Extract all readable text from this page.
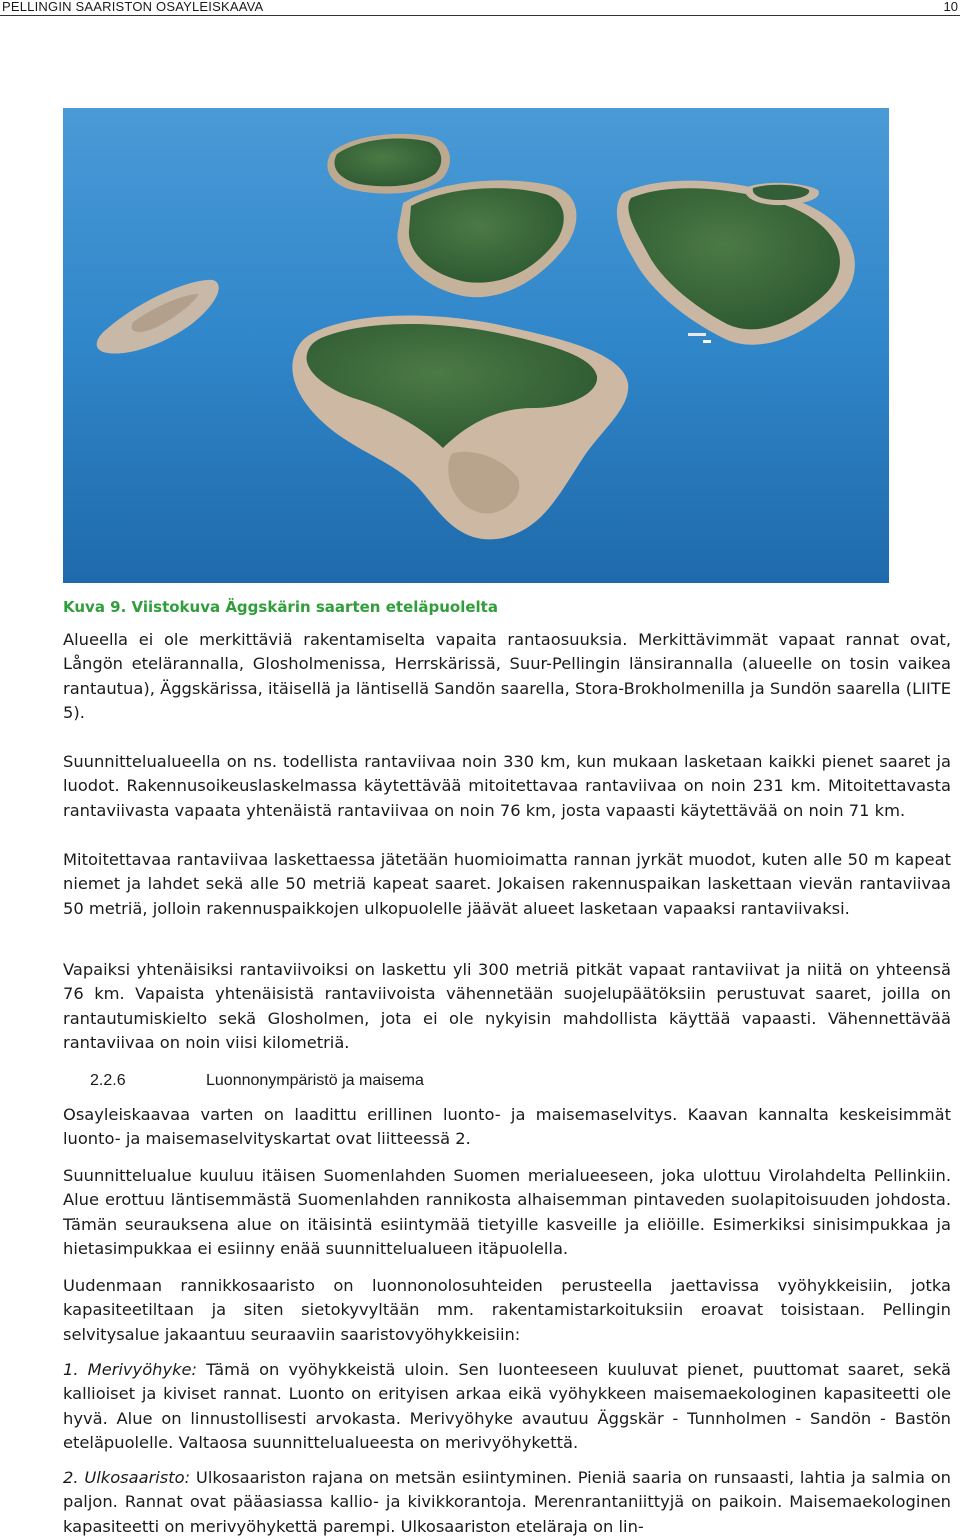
PELLINGIN SAARISTON OSAYLEISKAAVA	10
Kuva 9. Viistokuva Äggskärin saarten eteläpuolelta

Alueella ei ole merkittäviä rakentamiselta vapaita rantaosuuksia. Merkittävimmät vapaat rannat ovat, Långön etelärannalla, Glosholmenissa, Herrskärissä, Suur-Pellingin länsirannalla (alueelle on tosin vaikea rantautua), Äggskärissa, itäisellä ja läntisellä Sandön saarella, Stora-Brokholmenilla ja Sundön saarella (LIITE 5).

Suunnittelualueella on ns. todellista rantaviivaa noin 330 km, kun mukaan lasketaan kaikki pienet saaret ja luodot. Rakennusoikeuslaskelmassa käytettävää mitoitettavaa rantaviivaa on noin 231 km. Mitoitettavasta rantaviivasta vapaata yhtenäistä rantaviivaa on noin 76 km, josta vapaasti käytettävää on noin 71 km.

Mitoitettavaa rantaviivaa laskettaessa jätetään huomioimatta rannan jyrkät muodot, kuten alle 50 m kapeat niemet ja lahdet sekä alle 50 metriä kapeat saaret. Jokaisen rakennuspaikan laskettaan vievän rantaviivaa 50 metriä, jolloin rakennuspaikkojen ulkopuolelle jäävät alueet lasketaan vapaaksi rantaviivaksi.

Vapaiksi yhtenäisiksi rantaviivoiksi on laskettu yli 300 metriä pitkät vapaat rantaviivat ja niitä on yhteensä 76 km. Vapaista yhtenäisistä rantaviivoista vähennetään suojelupäätöksiin perustuvat saaret, joilla on rantautumiskielto sekä Glosholmen, jota ei ole nykyisin mahdollista käyttää vapaasti. Vähennettävää rantaviivaa on noin viisi kilometriä.

2.2.6	Luonnonympäristö ja maisema

Osayleiskaavaa varten on laadittu erillinen luonto- ja maisemaselvitys. Kaavan kannalta keskeisimmät luonto- ja maisemaselvityskartat ovat liitteessä 2.

Suunnittelualue kuuluu itäisen Suomenlahden Suomen merialueeseen, joka ulottuu Virolahdelta Pellinkiin. Alue erottuu läntisemmästä Suomenlahden rannikosta alhaisemman pintaveden suolapitoisuuden johdosta. Tämän seurauksena alue on itäisintä esiintymää tietyille kasveille ja eliöille. Esimerkiksi sinisimpukkaa ja hietasimpukkaa ei esiinny enää suunnittelualueen itäpuolella.

Uudenmaan rannikkosaaristo on luonnonolosuhteiden perusteella jaettavissa vyöhykkeisiin, jotka kapasiteetiltaan ja siten sietokyvyltään mm. rakentamistarkoituksiin eroavat toisistaan. Pellingin selvitysalue jakaantuu seuraaviin saaristovyöhykkeisiin:

1. Merivyöhyke: Tämä on vyöhykkeistä uloin. Sen luonteeseen kuuluvat pienet, puuttomat saaret, sekä kallioiset ja kiviset rannat. Luonto on erityisen arkaa eikä vyöhykkeen maisemaekologinen kapasiteetti ole hyvä. Alue on linnustollisesti arvokasta. Merivyöhyke avautuu Äggskär - Tunnholmen - Sandön - Bastön eteläpuolelle. Valtaosa suunnittelualueesta on merivyöhykettä.

2. Ulkosaaristo: Ulkosaariston rajana on metsän esiintyminen. Pieniä saaria on runsaasti, lahtia ja salmia on paljon. Rannat ovat pääasiassa kallio- ja kivikkorantoja. Merenrantaniittyjä on paikoin. Maisemaekologinen kapasiteetti on merivyöhykettä parempi. Ulkosaariston eteläraja on lin-
